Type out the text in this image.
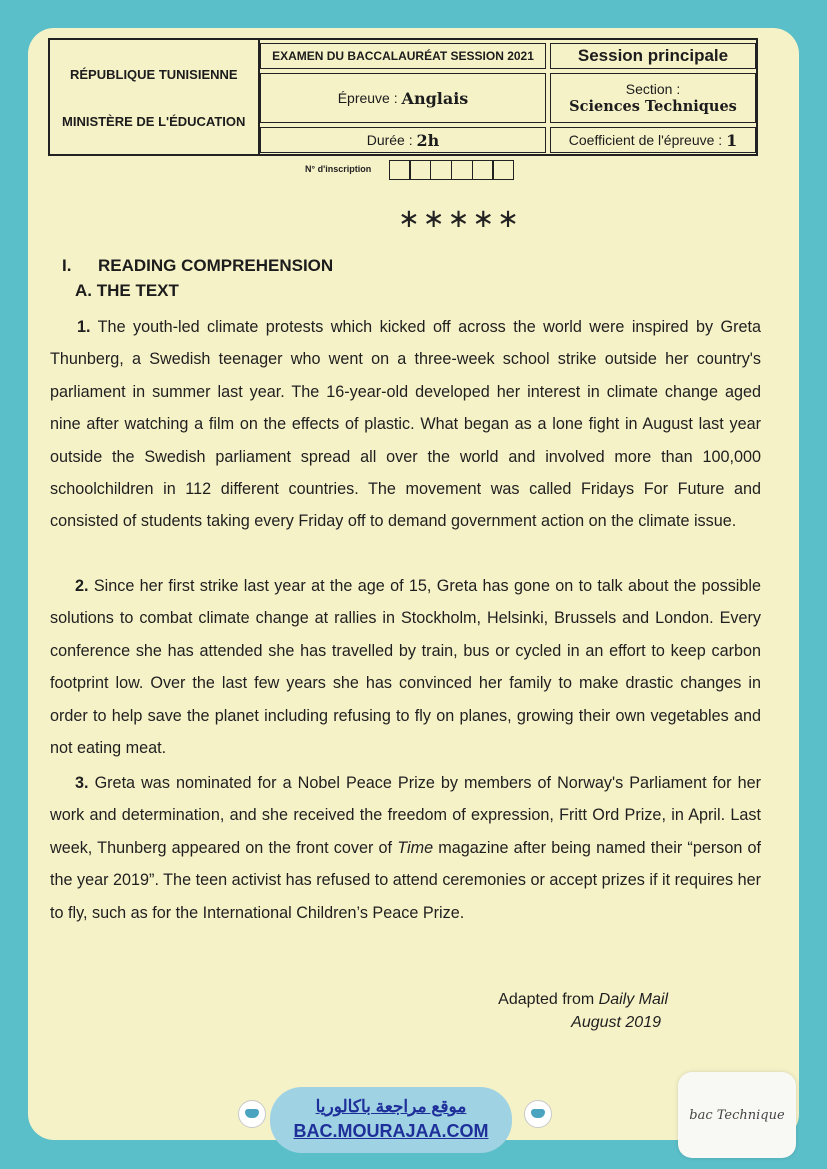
RÉPUBLIQUE TUNISIENNE
MINISTÈRE DE L'ÉDUCATION
EXAMEN DU BACCALAURÉAT SESSION 2021
Épreuve :
Anglais
Durée :
2h
Session principale
Section :
Sciences Techniques
Coefficient de l'épreuve :
1
N° d'inscription
∗∗∗∗∗
I. READING COMPREHENSION
A. THE TEXT
1. The youth-led climate protests which kicked off across the world were inspired by Greta Thunberg, a Swedish teenager who went on a three-week school strike outside her country's parliament in summer last year. The 16-year-old developed her interest in climate change aged nine after watching a film on the effects of plastic. What began as a lone fight in August last year outside the Swedish parliament spread all over the world and involved more than 100,000 schoolchildren in 112 different countries. The movement was called Fridays For Future and consisted of students taking every Friday off to demand government action on the climate issue.
2. Since her first strike last year at the age of 15, Greta has gone on to talk about the possible solutions to combat climate change at rallies in Stockholm, Helsinki, Brussels and London. Every conference she has attended she has travelled by train, bus or cycled in an effort to keep carbon footprint low. Over the last few years she has convinced her family to make drastic changes in order to help save the planet including refusing to fly on planes, growing their own vegetables and not eating meat.
3. Greta was nominated for a Nobel Peace Prize by members of Norway's Parliament for her work and determination, and she received the freedom of expression, Fritt Ord Prize, in April. Last week, Thunberg appeared on the front cover of Time magazine after being named their “person of the year 2019”. The teen activist has refused to attend ceremonies or accept prizes if it requires her to fly, such as for the International Children’s Peace Prize.
Adapted from Daily Mail
August 2019
موقع مراجعة باكالوريا
BAC.MOURAJAA.COM
bac Technique
